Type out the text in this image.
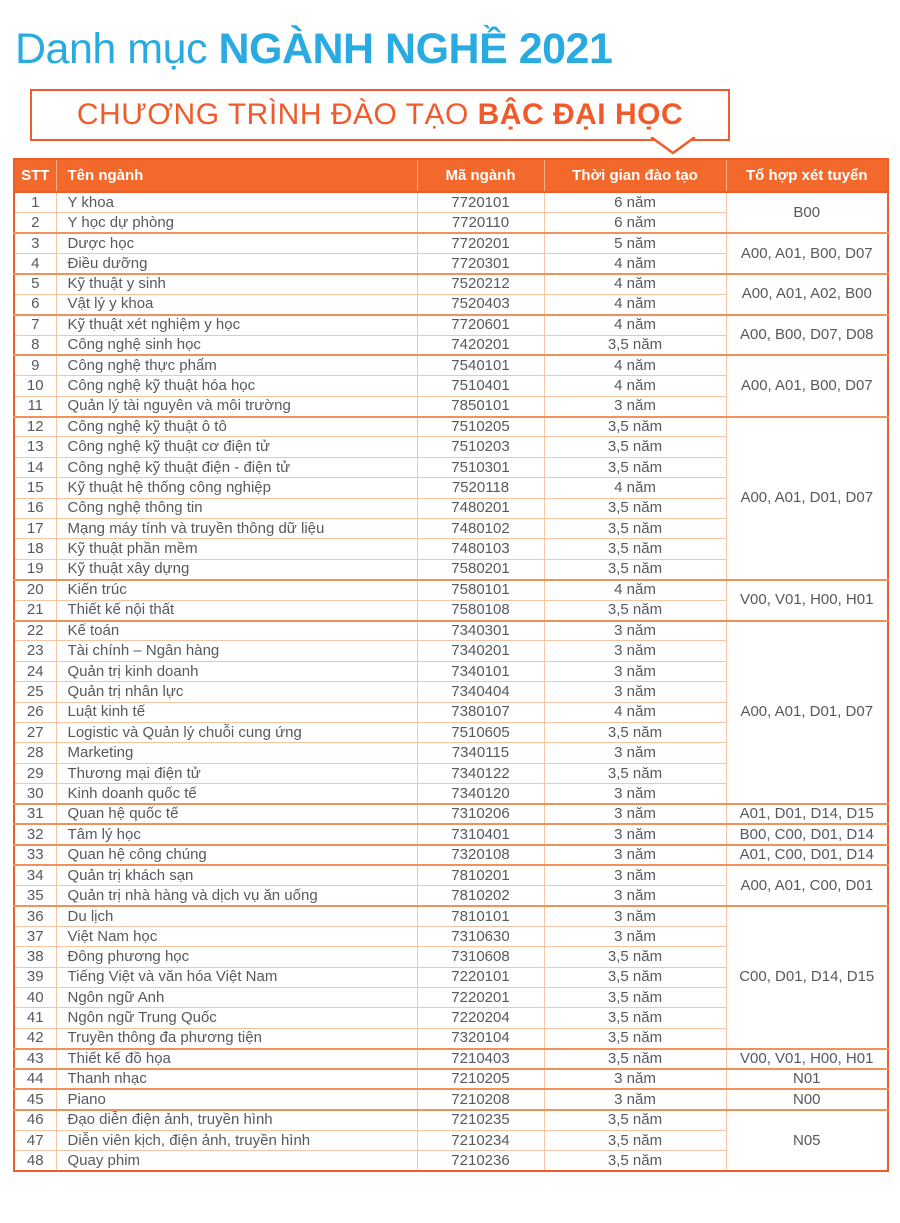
Danh mục NGÀNH NGHỀ 2021
CHƯƠNG TRÌNH ĐÀO TẠO BẬC ĐẠI HỌC
STT	Tên ngành	Mã ngành	Thời gian đào tạo	Tổ hợp xét tuyển
1	Y khoa	7720101	6 năm	B00
2	Y học dự phòng	7720110	6 năm	
3	Dược học	7720201	5 năm	A00, A01, B00, D07
4	Điều dưỡng	7720301	4 năm	
5	Kỹ thuật y sinh	7520212	4 năm	A00, A01, A02, B00
6	Vật lý y khoa	7520403	4 năm	
7	Kỹ thuật xét nghiệm y học	7720601	4 năm	A00, B00, D07, D08
8	Công nghệ sinh học	7420201	3,5 năm	
9	Công nghệ thực phẩm	7540101	4 năm	A00, A01, B00, D07
10	Công nghệ kỹ thuật hóa học	7510401	4 năm	
11	Quản lý tài nguyên và môi trường	7850101	3 năm	
12	Công nghệ kỹ thuật ô tô	7510205	3,5 năm	A00, A01, D01, D07
13	Công nghệ kỹ thuật cơ điện tử	7510203	3,5 năm	
14	Công nghệ kỹ thuật điện - điện tử	7510301	3,5 năm	
15	Kỹ thuật hệ thống công nghiệp	7520118	4 năm	
16	Công nghệ thông tin	7480201	3,5 năm	
17	Mạng máy tính và truyền thông dữ liệu	7480102	3,5 năm	
18	Kỹ thuật phần mềm	7480103	3,5 năm	
19	Kỹ thuật xây dựng	7580201	3,5 năm	
20	Kiến trúc	7580101	4 năm	V00, V01, H00, H01
21	Thiết kế nội thất	7580108	3,5 năm	
22	Kế toán	7340301	3 năm	A00, A01, D01, D07
23	Tài chính – Ngân hàng	7340201	3 năm	
24	Quản trị kinh doanh	7340101	3 năm	
25	Quản trị nhân lực	7340404	3 năm	
26	Luật kinh tế	7380107	4 năm	
27	Logistic và Quản lý chuỗi cung ứng	7510605	3,5 năm	
28	Marketing	7340115	3 năm	
29	Thương mại điện tử	7340122	3,5 năm	
30	Kinh doanh quốc tế	7340120	3 năm	
31	Quan hệ quốc tế	7310206	3 năm	A01, D01, D14, D15
32	Tâm lý học	7310401	3 năm	B00, C00, D01, D14
33	Quan hệ công chúng	7320108	3 năm	A01, C00, D01, D14
34	Quản trị khách sạn	7810201	3 năm	A00, A01, C00, D01
35	Quản trị nhà hàng và dịch vụ ăn uống	7810202	3 năm	
36	Du lịch	7810101	3 năm	C00, D01, D14, D15
37	Việt Nam học	7310630	3 năm	
38	Đông phương học	7310608	3,5 năm	
39	Tiếng Việt và văn hóa Việt Nam	7220101	3,5 năm	
40	Ngôn ngữ Anh	7220201	3,5 năm	
41	Ngôn ngữ Trung Quốc	7220204	3,5 năm	
42	Truyền thông đa phương tiện	7320104	3,5 năm	
43	Thiết kế đồ họa	7210403	3,5 năm	V00, V01, H00, H01
44	Thanh nhạc	7210205	3 năm	N01
45	Piano	7210208	3 năm	N00
46	Đạo diễn điện ảnh, truyền hình	7210235	3,5 năm	N05
47	Diễn viên kịch, điện ảnh, truyền hình	7210234	3,5 năm	
48	Quay phim	7210236	3,5 năm	
